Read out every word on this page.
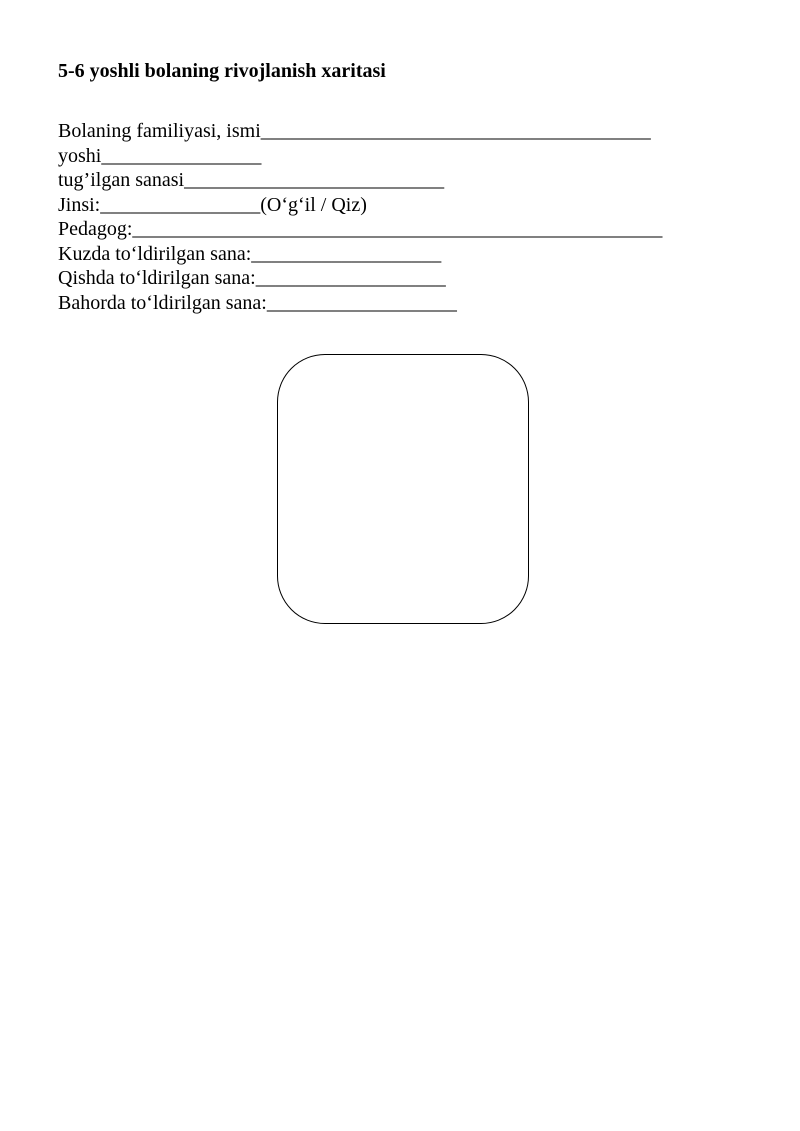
5-6 yoshli bolaning rivojlanish xaritasi
Bolaning familiyasi, ismi_______________________________________
yoshi________________
tug’ilgan sanasi__________________________
Jinsi:________________(O‘g‘il / Qiz)
Pedagog:_____________________________________________________
Kuzda to‘ldirilgan sana:___________________
Qishda to‘ldirilgan sana:___________________
Bahorda to‘ldirilgan sana:___________________
